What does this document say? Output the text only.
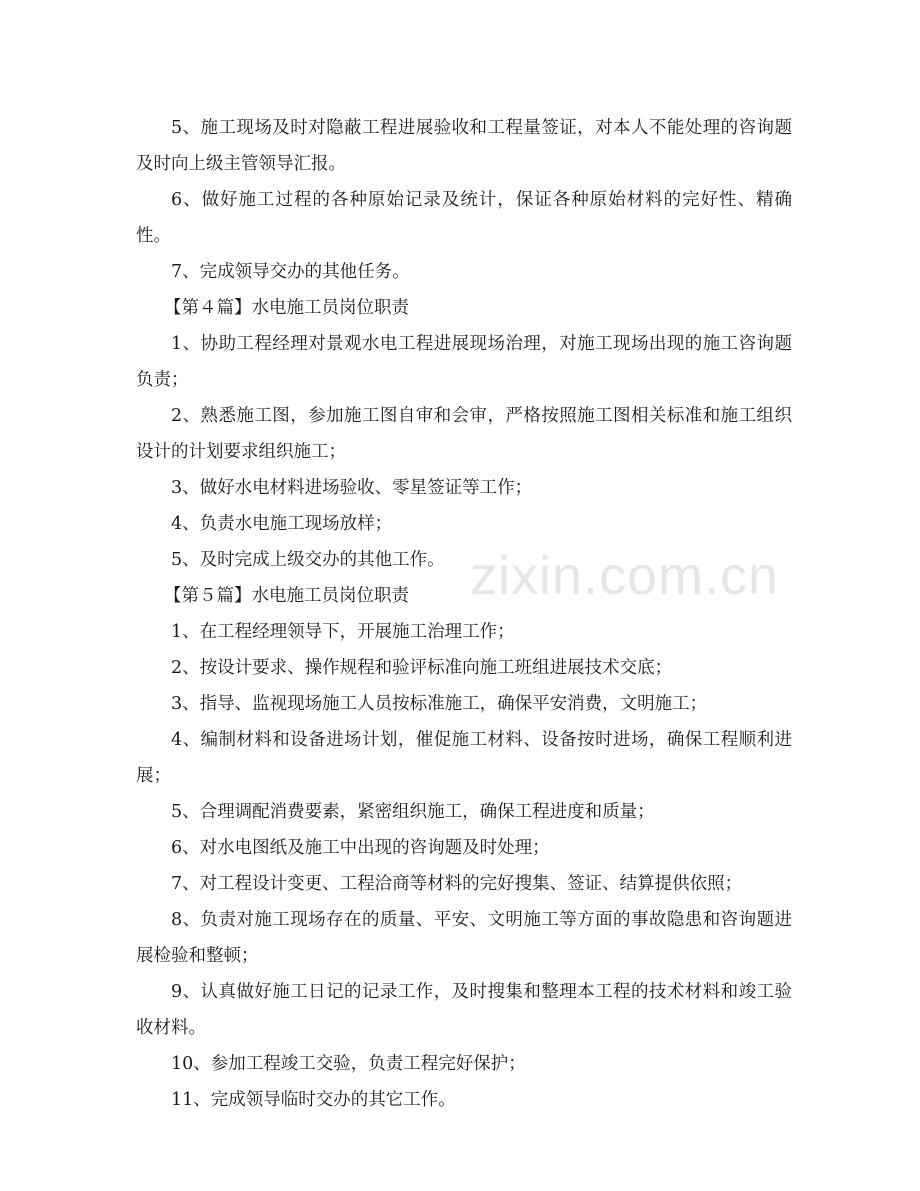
zixin.com.cn

5、施工现场及时对隐蔽工程进展验收和工程量签证，对本人不能处理的咨询题及时向上级主管领导汇报。

6、做好施工过程的各种原始记录及统计，保证各种原始材料的完好性、精确性。

7、完成领导交办的其他任务。

【第４篇】水电施工员岗位职责

1、协助工程经理对景观水电工程进展现场治理，对施工现场出现的施工咨询题负责；

2、熟悉施工图，参加施工图自审和会审，严格按照施工图相关标准和施工组织设计的计划要求组织施工；

3、做好水电材料进场验收、零星签证等工作；

4、负责水电施工现场放样；

5、及时完成上级交办的其他工作。

【第５篇】水电施工员岗位职责

1、在工程经理领导下，开展施工治理工作；

2、按设计要求、操作规程和验评标准向施工班组进展技术交底；

3、指导、监视现场施工人员按标准施工，确保平安消费，文明施工；

4、编制材料和设备进场计划，催促施工材料、设备按时进场，确保工程顺利进展；

5、合理调配消费要素，紧密组织施工，确保工程进度和质量；

6、对水电图纸及施工中出现的咨询题及时处理；

7、对工程设计变更、工程洽商等材料的完好搜集、签证、结算提供依照；

8、负责对施工现场存在的质量、平安、文明施工等方面的事故隐患和咨询题进展检验和整顿；

9、认真做好施工日记的记录工作，及时搜集和整理本工程的技术材料和竣工验收材料。

10、参加工程竣工交验，负责工程完好保护；

11、完成领导临时交办的其它工作。
